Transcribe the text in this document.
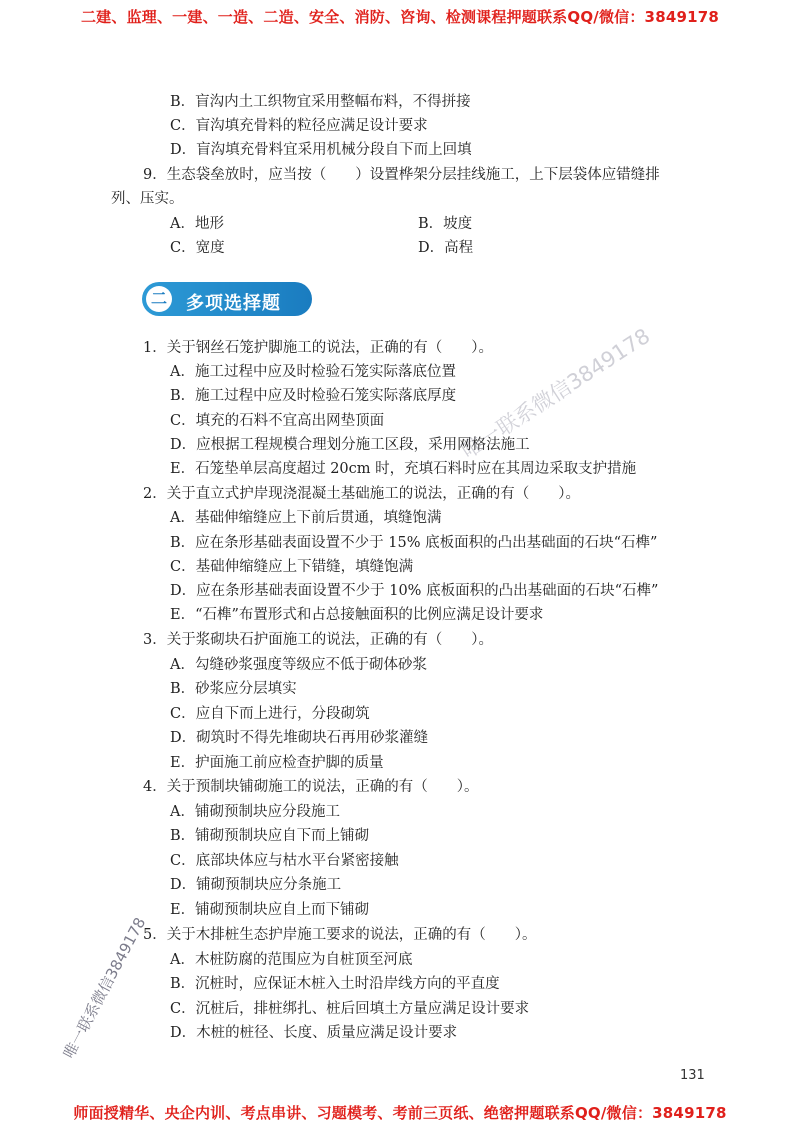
二建、监理、一建、一造、二造、安全、消防、咨询、检测课程押题联系QQ/微信：3849178
B．盲沟内土工织物宜采用整幅布料，不得拼接
C．盲沟填充骨料的粒径应满足设计要求
D．盲沟填充骨料宜采用机械分段自下而上回填
9．生态袋垒放时，应当按（　　）设置桦架分层挂线施工，上下层袋体应错缝排
列、压实。
A．地形	B．坡度
C．宽度	D．高程
二 多项选择题
1．关于钢丝石笼护脚施工的说法，正确的有（　　）。
A．施工过程中应及时检验石笼实际落底位置
B．施工过程中应及时检验石笼实际落底厚度
C．填充的石料不宜高出网垫顶面
D．应根据工程规模合理划分施工区段，采用网格法施工
E．石笼垫单层高度超过 20cm 时，充填石料时应在其周边采取支护措施
2．关于直立式护岸现浇混凝土基础施工的说法，正确的有（　　）。
A．基础伸缩缝应上下前后贯通，填缝饱满
B．应在条形基础表面设置不少于 15% 底板面积的凸出基础面的石块“石榫”
C．基础伸缩缝应上下错缝，填缝饱满
D．应在条形基础表面设置不少于 10% 底板面积的凸出基础面的石块“石榫”
E．“石榫”布置形式和占总接触面积的比例应满足设计要求
3．关于浆砌块石护面施工的说法，正确的有（　　）。
A．勾缝砂浆强度等级应不低于砌体砂浆
B．砂浆应分层填实
C．应自下而上进行，分段砌筑
D．砌筑时不得先堆砌块石再用砂浆灌缝
E．护面施工前应检查护脚的质量
4．关于预制块铺砌施工的说法，正确的有（　　）。
A．铺砌预制块应分段施工
B．铺砌预制块应自下而上铺砌
C．底部块体应与枯水平台紧密接触
D．铺砌预制块应分条施工
E．铺砌预制块应自上而下铺砌
5．关于木排桩生态护岸施工要求的说法，正确的有（　　）。
A．木桩防腐的范围应为自桩顶至河底
B．沉桩时，应保证木桩入土时沿岸线方向的平直度
C．沉桩后，排桩绑扎、桩后回填土方量应满足设计要求
D．木桩的桩径、长度、质量应满足设计要求
唯一联系微信3849178
唯一联系微信3849178
131
师面授精华、央企内训、考点串讲、习题模考、考前三页纸、绝密押题联系QQ/微信：3849178
